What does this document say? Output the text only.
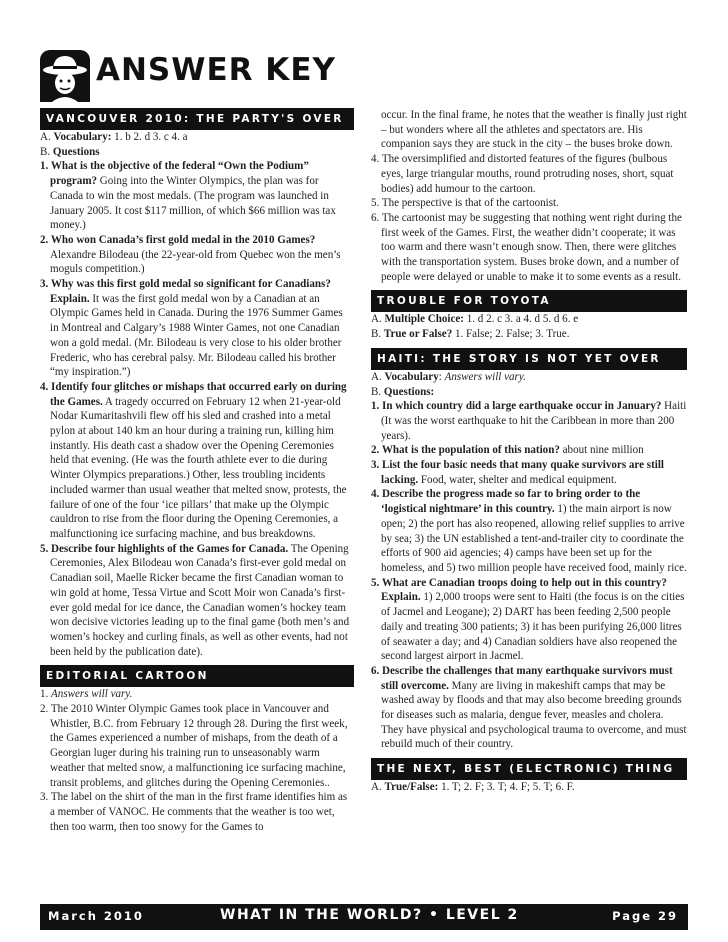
ANSWER KEY
VANCOUVER 2010: THE PARTY'S OVER

A. Vocabulary: 1. b 2. d 3. c 4. a

B. Questions

1. What is the objective of the federal “Own the Podium” program? Going into the Winter Olympics, the plan was for Canada to win the most medals. (The program was launched in January 2005. It cost $117 million, of which $66 million was tax money.)

2. Who won Canada’s first gold medal in the 2010 Games? Alexandre Bilodeau (the 22-year-old from Quebec won the men’s moguls competition.)

3. Why was this first gold medal so significant for Canadians? Explain. It was the first gold medal won by a Canadian at an Olympic Games held in Canada. During the 1976 Summer Games in Montreal and Calgary’s 1988 Winter Games, not one Canadian won a gold medal. (Mr. Bilodeau is very close to his older brother Frederic, who has cerebral palsy. Mr. Bilodeau called his brother “my inspiration.”)

4. Identify four glitches or mishaps that occurred early on during the Games. A tragedy occurred on February 12 when 21-year-old Nodar Kumaritashvili flew off his sled and crashed into a metal pylon at about 140 km an hour during a training run, killing him instantly. His death cast a shadow over the Opening Ceremonies held that evening. (He was the fourth athlete ever to die during Winter Olympics preparations.) Other, less troubling incidents included warmer than usual weather that melted snow, protests, the failure of one of the four ‘ice pillars’ that make up the Olympic cauldron to rise from the floor during the Opening Ceremonies, a malfunctioning ice surfacing machine, and bus breakdowns.

5. Describe four highlights of the Games for Canada. The Opening Ceremonies, Alex Bilodeau won Canada’s first-ever gold medal on Canadian soil, Maelle Ricker became the first Canadian woman to win gold at home, Tessa Virtue and Scott Moir won Canada’s first-ever gold medal for ice dance, the Canadian women’s hockey team won decisive victories leading up to the final game (both men’s and women’s hockey and curling finals, as well as other events, had not been held by the publication date).

EDITORIAL CARTOON

1. Answers will vary.

2. The 2010 Winter Olympic Games took place in Vancouver and Whistler, B.C. from February 12 through 28. During the first week, the Games experienced a number of mishaps, from the death of a Georgian luger during his training run to unseasonably warm weather that melted snow, a malfunctioning ice surfacing machine, transit problems, and glitches during the Opening Ceremonies..

3. The label on the shirt of the man in the first frame identifies him as a member of VANOC. He comments that the weather is too wet, then too warm, then too snowy for the Games to

occur. In the final frame, he notes that the weather is finally just right – but wonders where all the athletes and spectators are. His companion says they are stuck in the city – the buses broke down.

4. The oversimplified and distorted features of the figures (bulbous eyes, large triangular mouths, round protruding noses, short, squat bodies) add humour to the cartoon.

5. The perspective is that of the cartoonist.

6. The cartoonist may be suggesting that nothing went right during the first week of the Games. First, the weather didn’t cooperate; it was too warm and there wasn’t enough snow. Then, there were glitches with the transportation system. Buses broke down, and a number of people were delayed or unable to make it to some events as a result.

TROUBLE FOR TOYOTA

A. Multiple Choice: 1. d 2. c 3. a 4. d 5. d 6. e

B. True or False? 1. False; 2. False; 3. True.

HAITI: THE STORY IS NOT YET OVER

A. Vocabulary: Answers will vary.

B. Questions:

1. In which country did a large earthquake occur in January? Haiti (It was the worst earthquake to hit the Caribbean in more than 200 years).

2. What is the population of this nation? about nine million

3. List the four basic needs that many quake survivors are still lacking. Food, water, shelter and medical equipment.

4. Describe the progress made so far to bring order to the ‘logistical nightmare’ in this country. 1) the main airport is now open; 2) the port has also reopened, allowing relief supplies to arrive by sea; 3) the UN established a tent-and-trailer city to coordinate the efforts of 900 aid agencies; 4) camps have been set up for the homeless, and 5) two million people have received food, mainly rice.

5. What are Canadian troops doing to help out in this country? Explain. 1) 2,000 troops were sent to Haiti (the focus is on the cities of Jacmel and Leogane); 2) DART has been feeding 2,500 people daily and treating 300 patients; 3) it has been purifying 26,000 litres of seawater a day; and 4) Canadian soldiers have also reopened the second largest airport in Jacmel.

6. Describe the challenges that many earthquake survivors must still overcome. Many are living in makeshift camps that may be washed away by floods and that may also become breeding grounds for diseases such as malaria, dengue fever, measles and cholera. They have physical and psychological trauma to overcome, and must rebuild much of their country.

THE NEXT, BEST (ELECTRONIC) THING

A. True/False: 1. T; 2. F; 3. T; 4. F; 5. T; 6. F.

March 2010	WHAT IN THE WORLD? • LEVEL 2	Page 29
